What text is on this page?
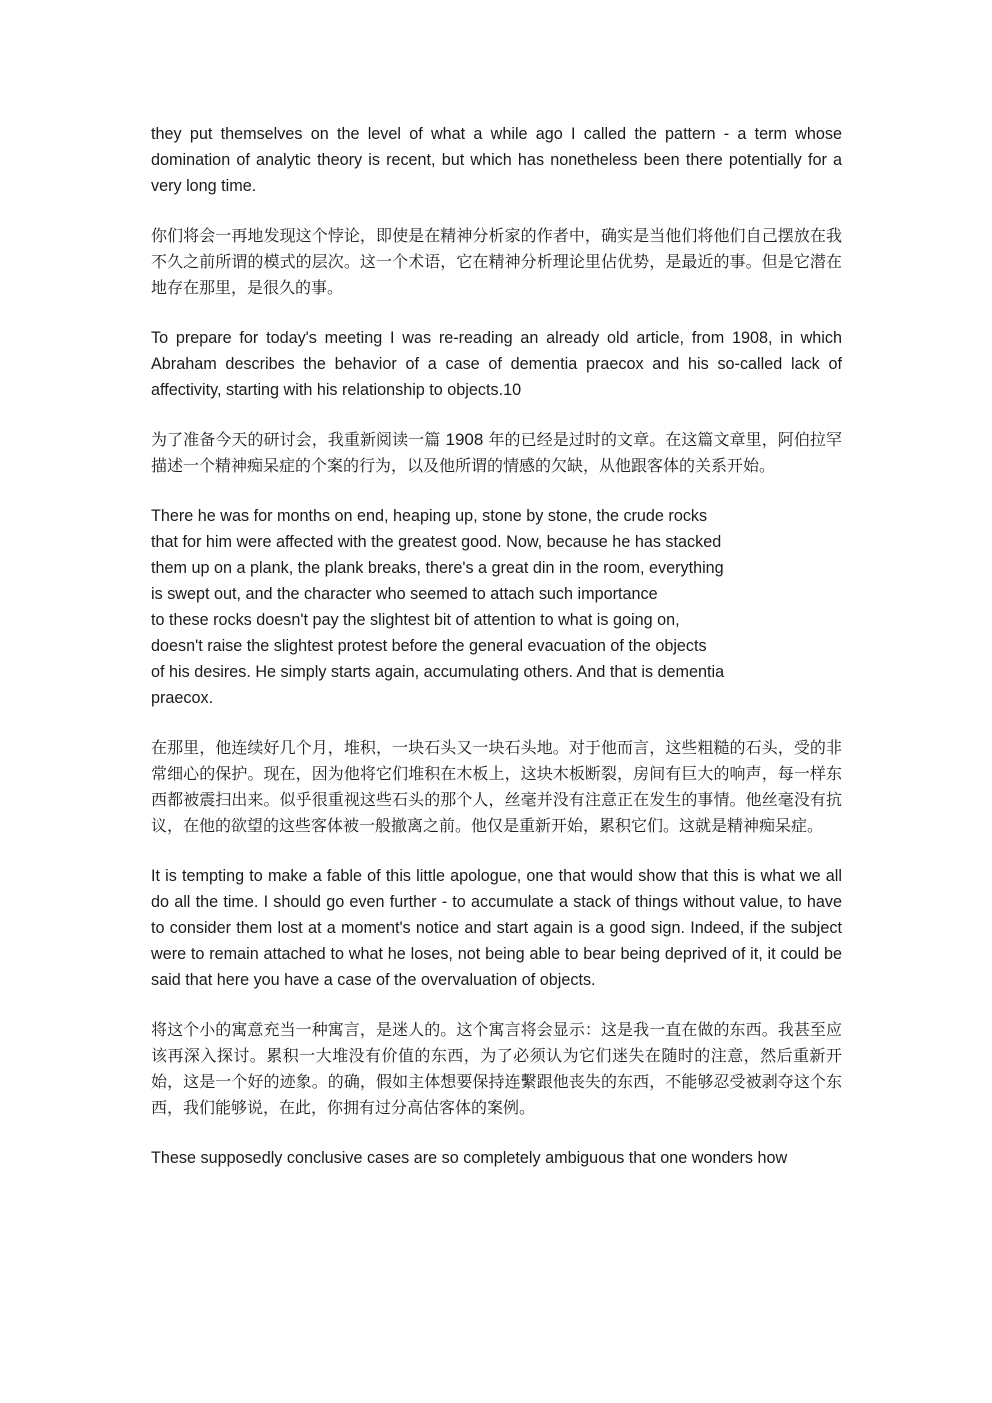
they put themselves on the level of what a while ago I called the pattern - a term whose domination of analytic theory is recent, but which has nonetheless been there potentially for a very long time.

你们将会一再地发现这个悖论，即使是在精神分析家的作者中，确实是当他们将他们自己摆放在我不久之前所谓的模式的层次。这一个术语，它在精神分析理论里佔优势，是最近的事。但是它潜在地存在那里，是很久的事。

To prepare for today's meeting I was re-reading an already old article, from 1908, in which Abraham describes the behavior of a case of dementia praecox and his so-called lack of affectivity, starting with his relationship to objects.10

为了准备今天的研讨会，我重新阅读一篇 1908 年的已经是过时的文章。在这篇文章里，阿伯拉罕描述一个精神痴呆症的个案的行为，以及他所谓的情感的欠缺，从他跟客体的关系开始。

There he was for months on end, heaping up, stone by stone, the crude rocks
that for him were affected with the greatest good. Now, because he has stacked
them up on a plank, the plank breaks, there's a great din in the room, everything
is swept out, and the character who seemed to attach such importance
to these rocks doesn't pay the slightest bit of attention to what is going on,
doesn't raise the slightest protest before the general evacuation of the objects
of his desires. He simply starts again, accumulating others. And that is dementia
praecox.

在那里，他连续好几个月，堆积，一块石头又一块石头地。对于他而言，这些粗糙的石头，受的非常细心的保护。现在，因为他将它们堆积在木板上，这块木板断裂，房间有巨大的响声，每一样东西都被震扫出来。似乎很重视这些石头的那个人，丝毫并没有注意正在发生的事情。他丝毫没有抗议，在他的欲望的这些客体被一般撤离之前。他仅是重新开始，累积它们。这就是精神痴呆症。

It is tempting to make a fable of this little apologue, one that would show that this is what we all do all the time. I should go even further - to accumulate a stack of things without value, to have to consider them lost at a moment's notice and start again is a good sign. Indeed, if the subject were to remain attached to what he loses, not being able to bear being deprived of it, it could be said that here you have a case of the overvaluation of objects.

将这个小的寓意充当一种寓言，是迷人的。这个寓言将会显示：这是我一直在做的东西。我甚至应该再深入探讨。累积一大堆没有价值的东西，为了必须认为它们迷失在随时的注意，然后重新开始，这是一个好的迹象。的确，假如主体想要保持连繫跟他丧失的东西，不能够忍受被剥夺这个东西，我们能够说，在此，你拥有过分高估客体的案例。

These supposedly conclusive cases are so completely ambiguous that one wonders how
